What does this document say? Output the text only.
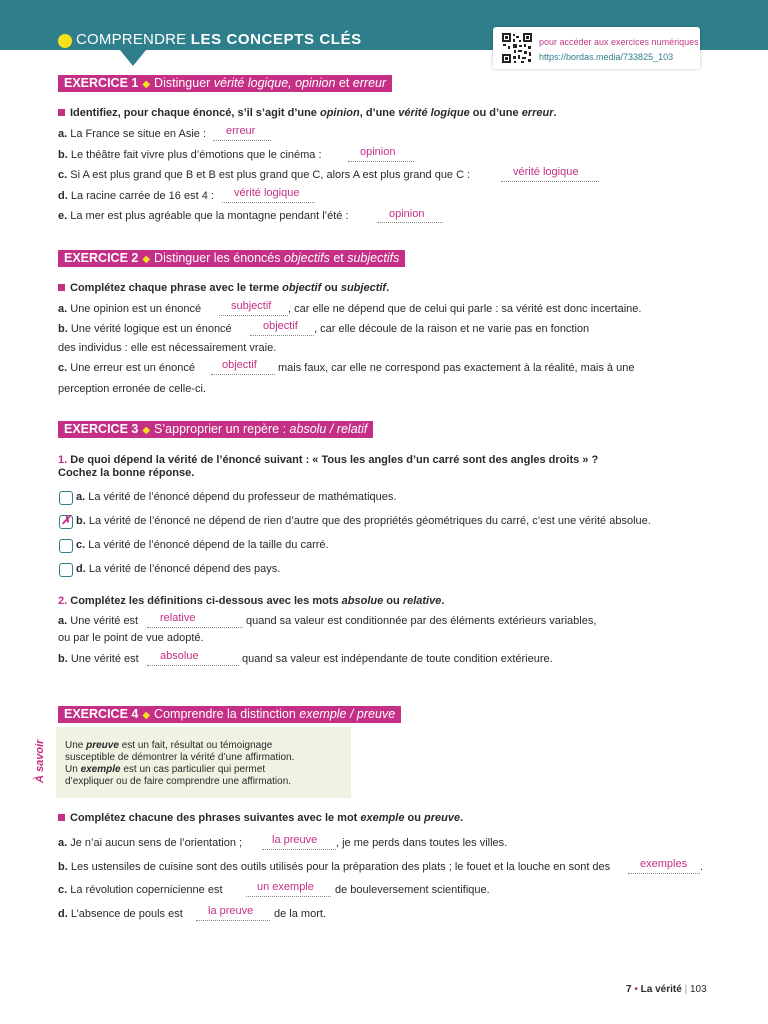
COMPRENDRE LES CONCEPTS CLÉS	pour accéder aux exercices numériques
https://bordas.media/733825_103
EXERCICE 1 ◆ Distinguer vérité logique, opinion et erreur
Identifiez, pour chaque énoncé, s’il s’agit d’une opinion, d’une vérité logique ou d’une erreur.
a. La France se situe en Asie : erreur
b. Le théâtre fait vivre plus d’émotions que le cinéma :	opinion
c. Si A est plus grand que B et B est plus grand que C, alors A est plus grand que C :	vérité logique
d. La racine carrée de 16 est 4 : vérité logique
e. La mer est plus agréable que la montagne pendant l’été :	opinion
EXERCICE 2 ◆ Distinguer les énoncés objectifs et subjectifs
Complétez chaque phrase avec le terme objectif ou subjectif.
a. Une opinion est un énoncé	subjectif , car elle ne dépend que de celui qui parle : sa vérité est donc incertaine.
b. Une vérité logique est un énoncé	objectif , car elle découle de la raison et ne varie pas en fonction
des individus : elle est nécessairement vraie.
c. Une erreur est un énoncé objectif mais faux, car elle ne correspond pas exactement à la réalité, mais à une
perception erronée de celle-ci.
EXERCICE 3 ◆ S’approprier un repère : absolu / relatif
1. De quoi dépend la vérité de l’énoncé suivant : « Tous les angles d’un carré sont des angles droits » ?
Cochez la bonne réponse.
a. La vérité de l’énoncé dépend du professeur de mathématiques.
✗ b. La vérité de l’énoncé ne dépend de rien d’autre que des propriétés géométriques du carré, c’est une vérité absolue.
c. La vérité de l’énoncé dépend de la taille du carré.
d. La vérité de l’énoncé dépend des pays.
2. Complétez les définitions ci-dessous avec les mots absolue ou relative.
a. Une vérité est relative	quand sa valeur est conditionnée par des éléments extérieurs variables,
ou par le point de vue adopté.
b. Une vérité est absolue	quand sa valeur est indépendante de toute condition extérieure.
EXERCICE 4 ◆ Comprendre la distinction exemple / preuve
À savoir Une preuve est un fait, résultat ou témoignage
susceptible de démontrer la vérité d’une affirmation.
Un exemple est un cas particulier qui permet
d’expliquer ou de faire comprendre une affirmation.
Complétez chacune des phrases suivantes avec le mot exemple ou preuve.
a. Je n’ai aucun sens de l’orientation ;	la preuve , je me perds dans toutes les villes.
b. Les ustensiles de cuisine sont des outils utilisés pour la préparation des plats ; le fouet et la louche en sont des	exemples .
c. La révolution copernicienne est	un exemple de bouleversement scientifique.
d. L’absence de pouls est la preuve de la mort.
7 • La vérité | 103
